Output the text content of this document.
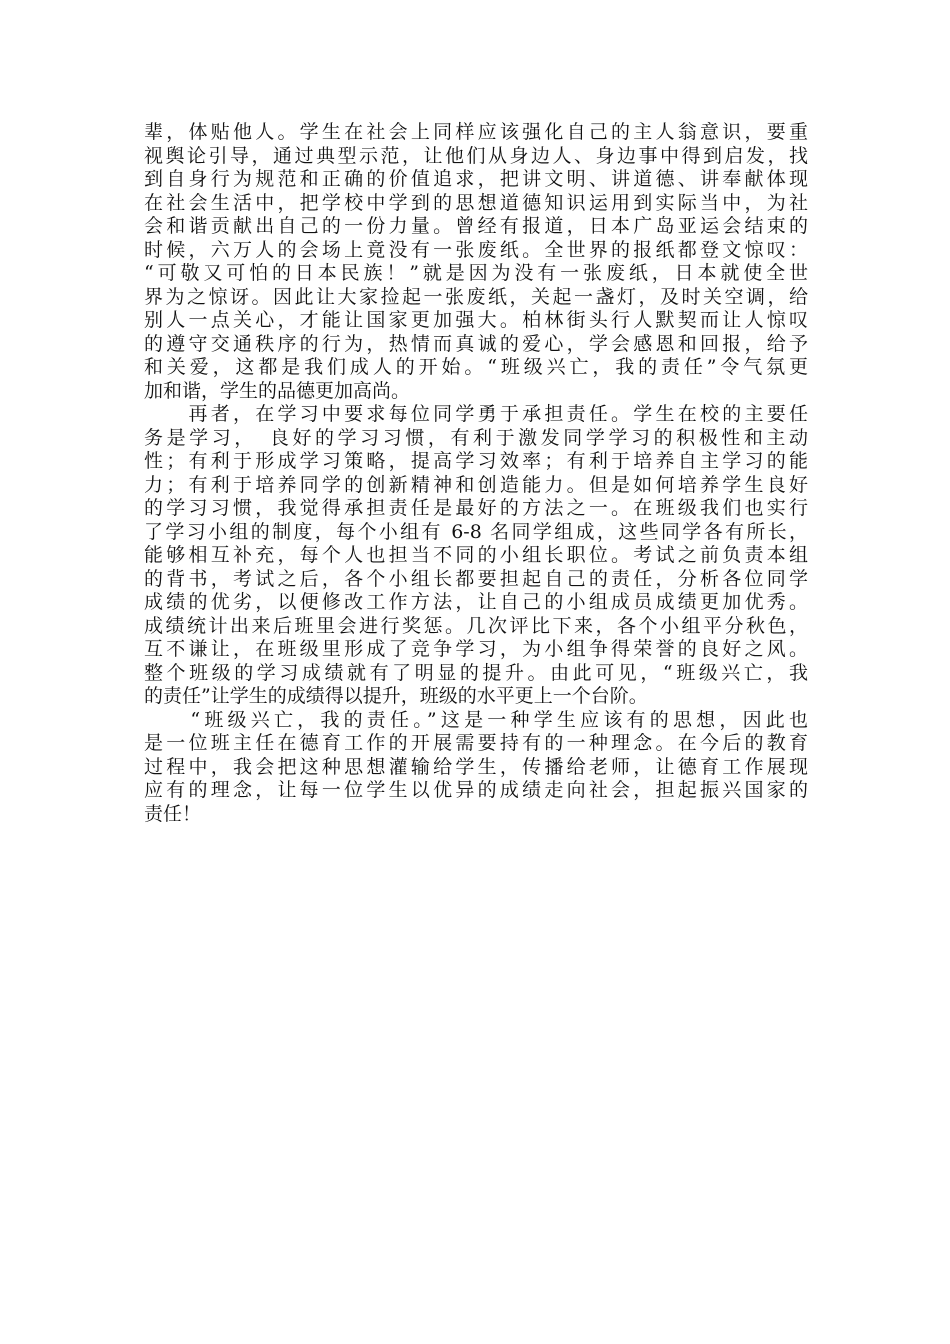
辈，体贴他人。学生在社会上同样应该强化自己的主人翁意识，要重
视舆论引导，通过典型示范，让他们从身边人、身边事中得到启发，找
到自身行为规范和正确的价值追求，把讲文明、讲道德、讲奉献体现
在社会生活中，把学校中学到的思想道德知识运用到实际当中，为社
会和谐贡献出自己的一份力量。曾经有报道，日本广岛亚运会结束的
时候，六万人的会场上竟没有一张废纸。全世界的报纸都登文惊叹：
“可敬又可怕的日本民族！”就是因为没有一张废纸，日本就使全世
界为之惊讶。因此让大家捡起一张废纸，关起一盏灯，及时关空调，给
别人一点关心，才能让国家更加强大。柏林街头行人默契而让人惊叹
的遵守交通秩序的行为，热情而真诚的爱心，学会感恩和回报，给予
和关爱，这都是我们成人的开始。“班级兴亡，我的责任”令气氛更
加和谐，学生的品德更加高尚。
　　再者，在学习中要求每位同学勇于承担责任。学生在校的主要任
务是学习，　良好的学习习惯，有利于激发同学学习的积极性和主动
性；有利于形成学习策略，提高学习效率；有利于培养自主学习的能
力；有利于培养同学的创新精神和创造能力。但是如何培养学生良好
的学习习惯，我觉得承担责任是最好的方法之一。在班级我们也实行
了学习小组的制度，每个小组有 6-8 名同学组成，这些同学各有所长，
能够相互补充，每个人也担当不同的小组长职位。考试之前负责本组
的背书，考试之后，各个小组长都要担起自己的责任，分析各位同学
成绩的优劣，以便修改工作方法，让自己的小组成员成绩更加优秀。
成绩统计出来后班里会进行奖惩。几次评比下来，各个小组平分秋色，
互不谦让，在班级里形成了竞争学习，为小组争得荣誉的良好之风。
整个班级的学习成绩就有了明显的提升。由此可见，“班级兴亡，我
的责任”让学生的成绩得以提升，班级的水平更上一个台阶。
　　“班级兴亡，我的责任。”这是一种学生应该有的思想，因此也
是一位班主任在德育工作的开展需要持有的一种理念。在今后的教育
过程中，我会把这种思想灌输给学生，传播给老师，让德育工作展现
应有的理念，让每一位学生以优异的成绩走向社会，担起振兴国家的
责任！
